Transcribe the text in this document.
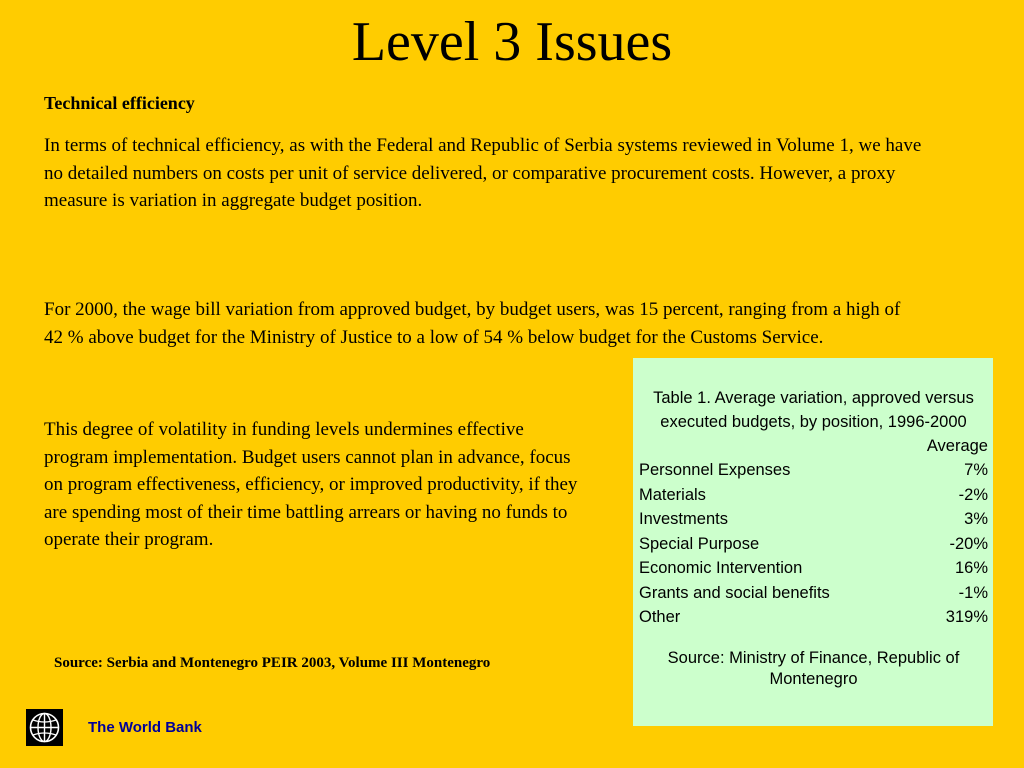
Level 3 Issues
Technical efficiency

In terms of technical efficiency, as with the Federal and Republic of Serbia systems reviewed in Volume 1, we have no detailed numbers on costs per unit of service delivered, or comparative procurement costs. However, a proxy measure is variation in aggregate budget position.

For 2000, the wage bill variation from approved budget, by budget users, was 15 percent, ranging from a high of 42 % above budget for the Ministry of Justice to a low of 54 % below budget for the Customs Service.

This degree of volatility in funding levels undermines effective program implementation. Budget users cannot plan in advance, focus on program effectiveness, efficiency, or improved productivity, if they are spending most of their time battling arrears or having no funds to operate their program.

Source: Serbia and Montenegro PEIR 2003, Volume III Montenegro
Table 1. Average variation, approved versus executed budgets, by position, 1996-2000
Average
Personnel Expenses	7%
Materials	-2%
Investments	3%
Special Purpose	-20%
Economic Intervention	16%
Grants and social benefits	-1%
Other	319%
Source: Ministry of Finance, Republic of Montenegro
The World Bank
